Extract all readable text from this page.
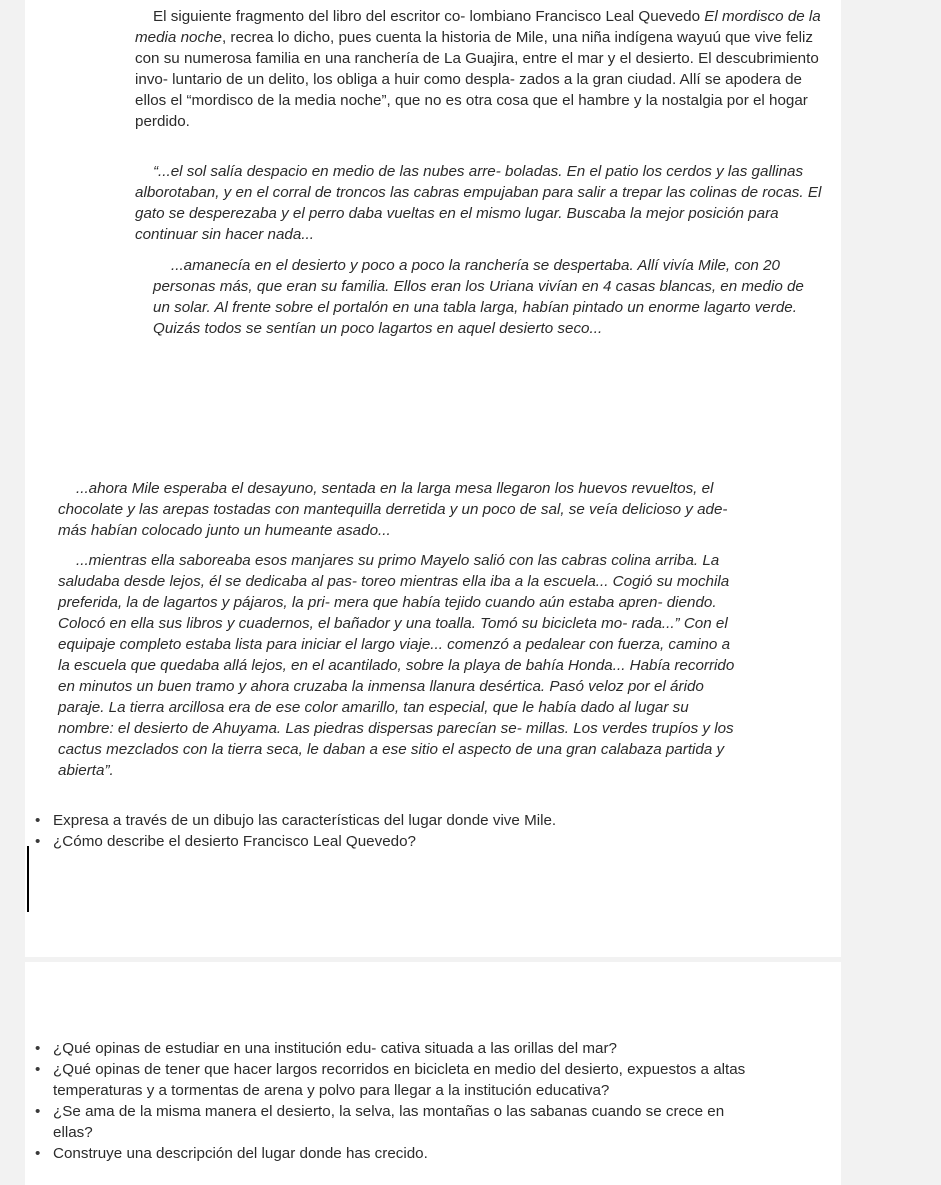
El siguiente fragmento del libro del escritor co- lombiano Francisco Leal Quevedo El mordisco de la media noche, recrea lo dicho, pues cuenta la historia de Mile, una niña indígena wayuú que vive feliz con su numerosa familia en una ranchería de La Guajira, entre el mar y el desierto. El descubrimiento invo- luntario de un delito, los obliga a huir como despla- zados a la gran ciudad. Allí se apodera de ellos el “mordisco de la media noche”, que no es otra cosa que el hambre y la nostalgia por el hogar perdido.

“...el sol salía despacio en medio de las nubes arre- boladas. En el patio los cerdos y las gallinas alborotaban, y en el corral de troncos las cabras empujaban para salir a trepar las colinas de rocas. El gato se desperezaba y el perro daba vueltas en el mismo lugar. Buscaba la mejor posición para continuar sin hacer nada...

...amanecía en el desierto y poco a poco la ranchería se despertaba. Allí vivía Mile, con 20 personas más, que eran su familia. Ellos eran los Uriana vivían en 4 casas blancas, en medio de un solar. Al frente sobre el portalón en una tabla larga, habían pintado un enorme lagarto verde. Quizás todos se sentían un poco lagartos en aquel desierto seco...

...ahora Mile esperaba el desayuno, sentada en la larga mesa llegaron los huevos revueltos, el chocolate y las arepas tostadas con mantequilla derretida y un poco de sal, se veía delicioso y ade- más habían colocado junto un humeante asado...

...mientras ella saboreaba esos manjares su primo Mayelo salió con las cabras colina arriba. La saludaba desde lejos, él se dedicaba al pas- toreo mientras ella iba a la escuela... Cogió su mochila preferida, la de lagartos y pájaros, la pri- mera que había tejido cuando aún estaba apren- diendo. Colocó en ella sus libros y cuadernos, el bañador y una toalla. Tomó su bicicleta mo- rada...” Con el equipaje completo estaba lista para iniciar el largo viaje... comenzó a pedalear con fuerza, camino a la escuela que quedaba allá lejos, en el acantilado, sobre la playa de bahía Honda... Había recorrido en minutos un buen tramo y ahora cruzaba la inmensa llanura desértica. Pasó veloz por el árido paraje. La tierra arcillosa era de ese color amarillo, tan especial, que le había dado al lugar su nombre: el desierto de Ahuyama. Las piedras dispersas parecían se- millas. Los verdes trupíos y los cactus mezclados con la tierra seca, le daban a ese sitio el aspecto de una gran calabaza partida y abierta”.

• Expresa a través de un dibujo las características del lugar donde vive Mile.
• ¿Cómo describe el desierto Francisco Leal Quevedo?
• ¿Qué opinas de estudiar en una institución edu- cativa situada a las orillas del mar?
• ¿Qué opinas de tener que hacer largos recorridos en bicicleta en medio del desierto, expuestos a altas temperaturas y a tormentas de arena y polvo para llegar a la institución educativa?
• ¿Se ama de la misma manera el desierto, la selva, las montañas o las sabanas cuando se crece en ellas?
• Construye una descripción del lugar donde has crecido.
